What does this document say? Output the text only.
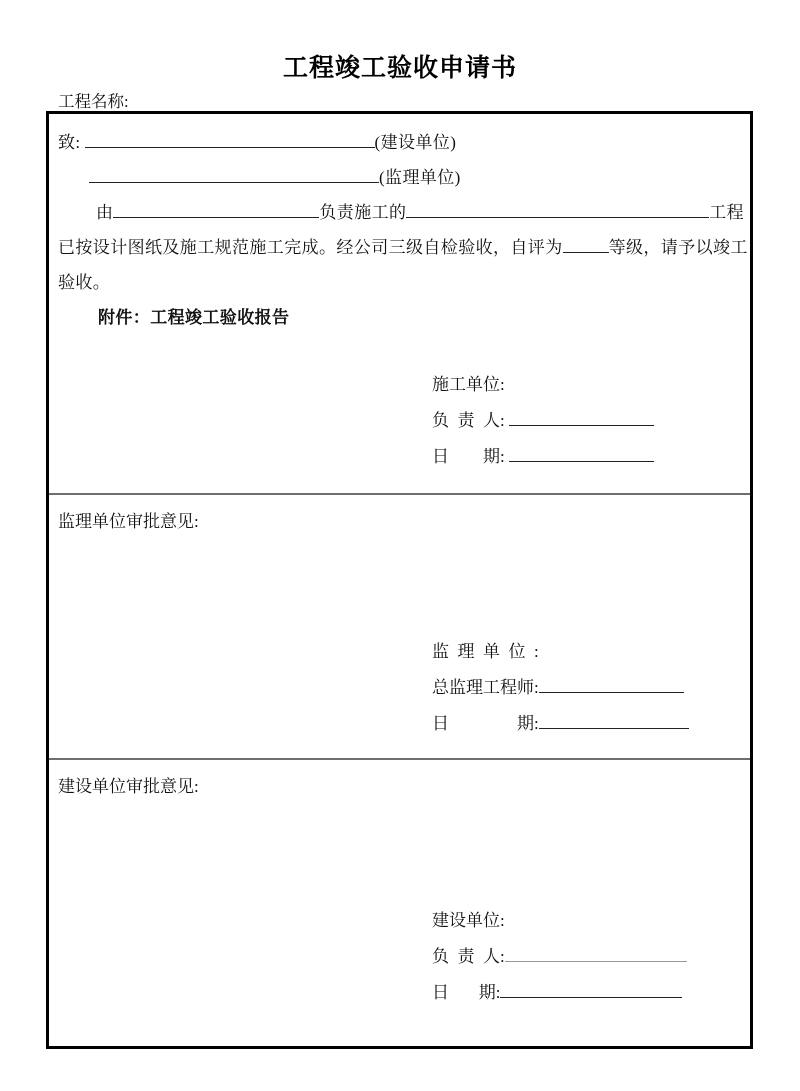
工程竣工验收申请书
工程名称:
致:	(建设单位)
(监理单位)
由	负责施工的	工程
已按设计图纸及施工规范施工完成。经公司三级自检验收，自评为	等级，请予以竣工
验收。
附件：工程竣工验收报告
施工单位:
负  责  人:
日        期:
监理单位审批意见:
监  理  单  位  :
总监理工程师:
日                期:
建设单位审批意见:
建设单位:
负  责  人:
日       期:
